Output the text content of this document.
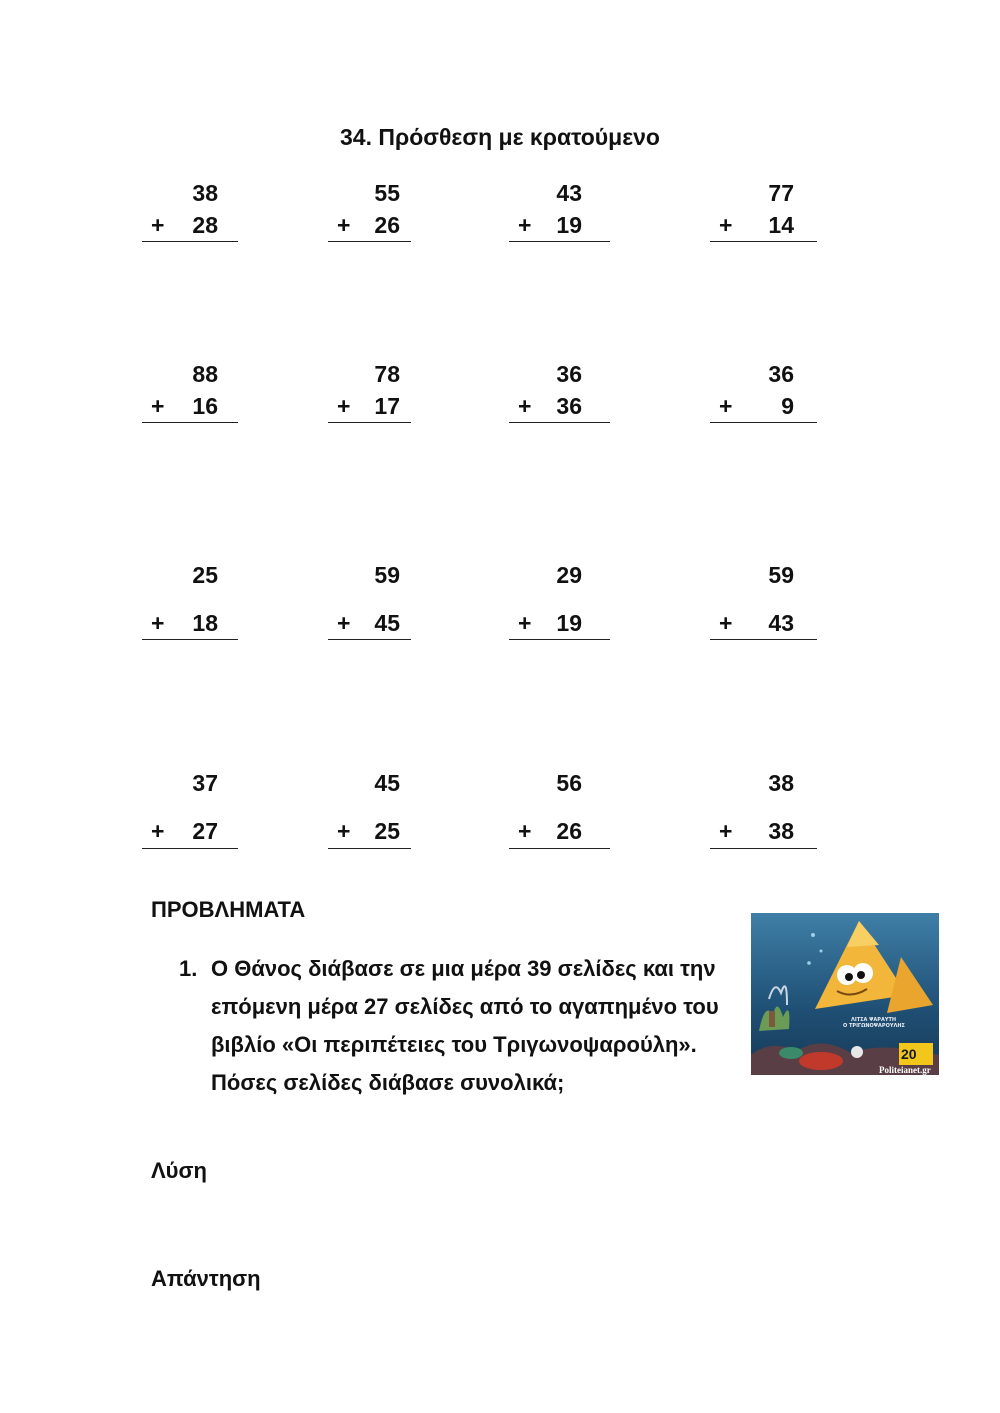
34. Πρόσθεση με κρατούμενο
38
+	28
55
+	26
43
+	19
77
+	14
88
+	16
78
+	17
36
+	36
36
+	9
25
+	18
59
+	45
29
+	19
59
+	43
37
+	27
45
+	25
56
+	26
38
+	38
ΠΡΟΒΛΗΜΑΤΑ
1. Ο Θάνος διάβασε σε μια μέρα 39 σελίδες και την επόμενη μέρα 27 σελίδες από το αγαπημένο του βιβλίο «Οι περιπέτειες του Τριγωνοψαρούλη». Πόσες σελίδες διάβασε συνολικά;
ΛΙΤΣΑ ΨΑΡΑΥΤΗ
Ο ΤΡΙΓΩΝΟΨΑΡΟΥΛΗΣ
20
Politeianet.gr
Λύση
Απάντηση
